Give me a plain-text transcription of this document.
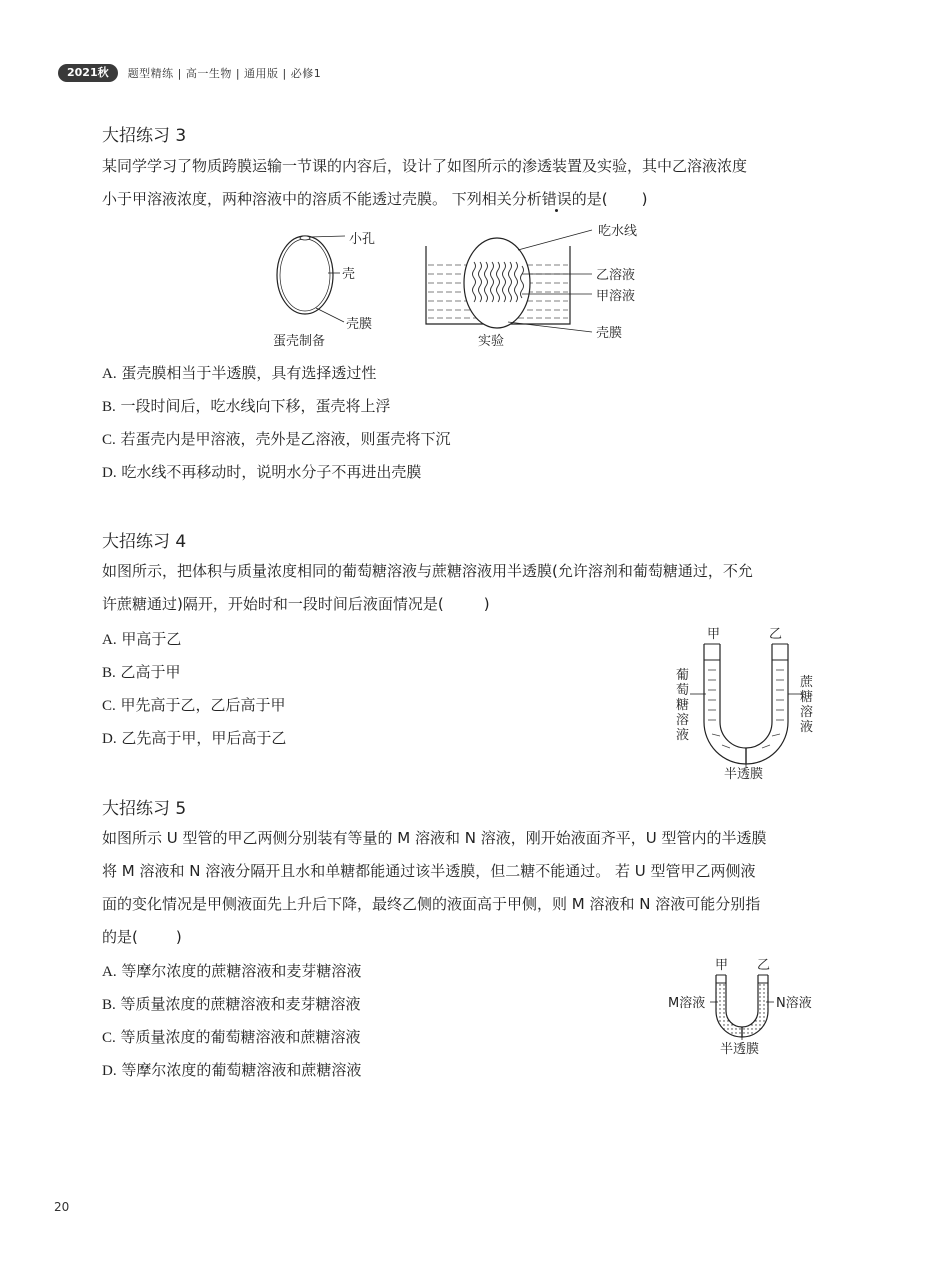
2021秋	题型精练 | 高一生物 | 通用版 | 必修1
大招练习 3
某同学学习了物质跨膜运输一节课的内容后，设计了如图所示的渗透装置及实验，其中乙溶液浓度
小于甲溶液浓度，两种溶液中的溶质不能透过壳膜。 下列相关分析错误的是( )
小孔
壳
壳膜
蛋壳制备
吃水线
乙溶液
甲溶液
壳膜
实验
A. 蛋壳膜相当于半透膜，具有选择透过性
B. 一段时间后，吃水线向下移，蛋壳将上浮
C. 若蛋壳内是甲溶液，壳外是乙溶液，则蛋壳将下沉
D. 吃水线不再移动时，说明水分子不再进出壳膜
大招练习 4
如图所示，把体积与质量浓度相同的葡萄糖溶液与蔗糖溶液用半透膜(允许溶剂和葡萄糖通过，不允
许蔗糖通过)隔开，开始时和一段时间后液面情况是(	)
A. 甲高于乙
B. 乙高于甲
C. 甲先高于乙，乙后高于甲
D. 乙先高于甲，甲后高于乙
甲	乙
葡
萄
糖
溶
液
蔗
糖
溶
液
半透膜
大招练习 5
如图所示 U 型管的甲乙两侧分别装有等量的 M 溶液和 N 溶液，刚开始液面齐平，U 型管内的半透膜
将 M 溶液和 N 溶液分隔开且水和单糖都能通过该半透膜，但二糖不能通过。 若 U 型管甲乙两侧液
面的变化情况是甲侧液面先上升后下降，最终乙侧的液面高于甲侧，则 M 溶液和 N 溶液可能分别指
的是(	)
A. 等摩尔浓度的蔗糖溶液和麦芽糖溶液
B. 等质量浓度的蔗糖溶液和麦芽糖溶液
C. 等质量浓度的葡萄糖溶液和蔗糖溶液
D. 等摩尔浓度的葡萄糖溶液和蔗糖溶液
甲 乙
M溶液	N溶液
半透膜
20
